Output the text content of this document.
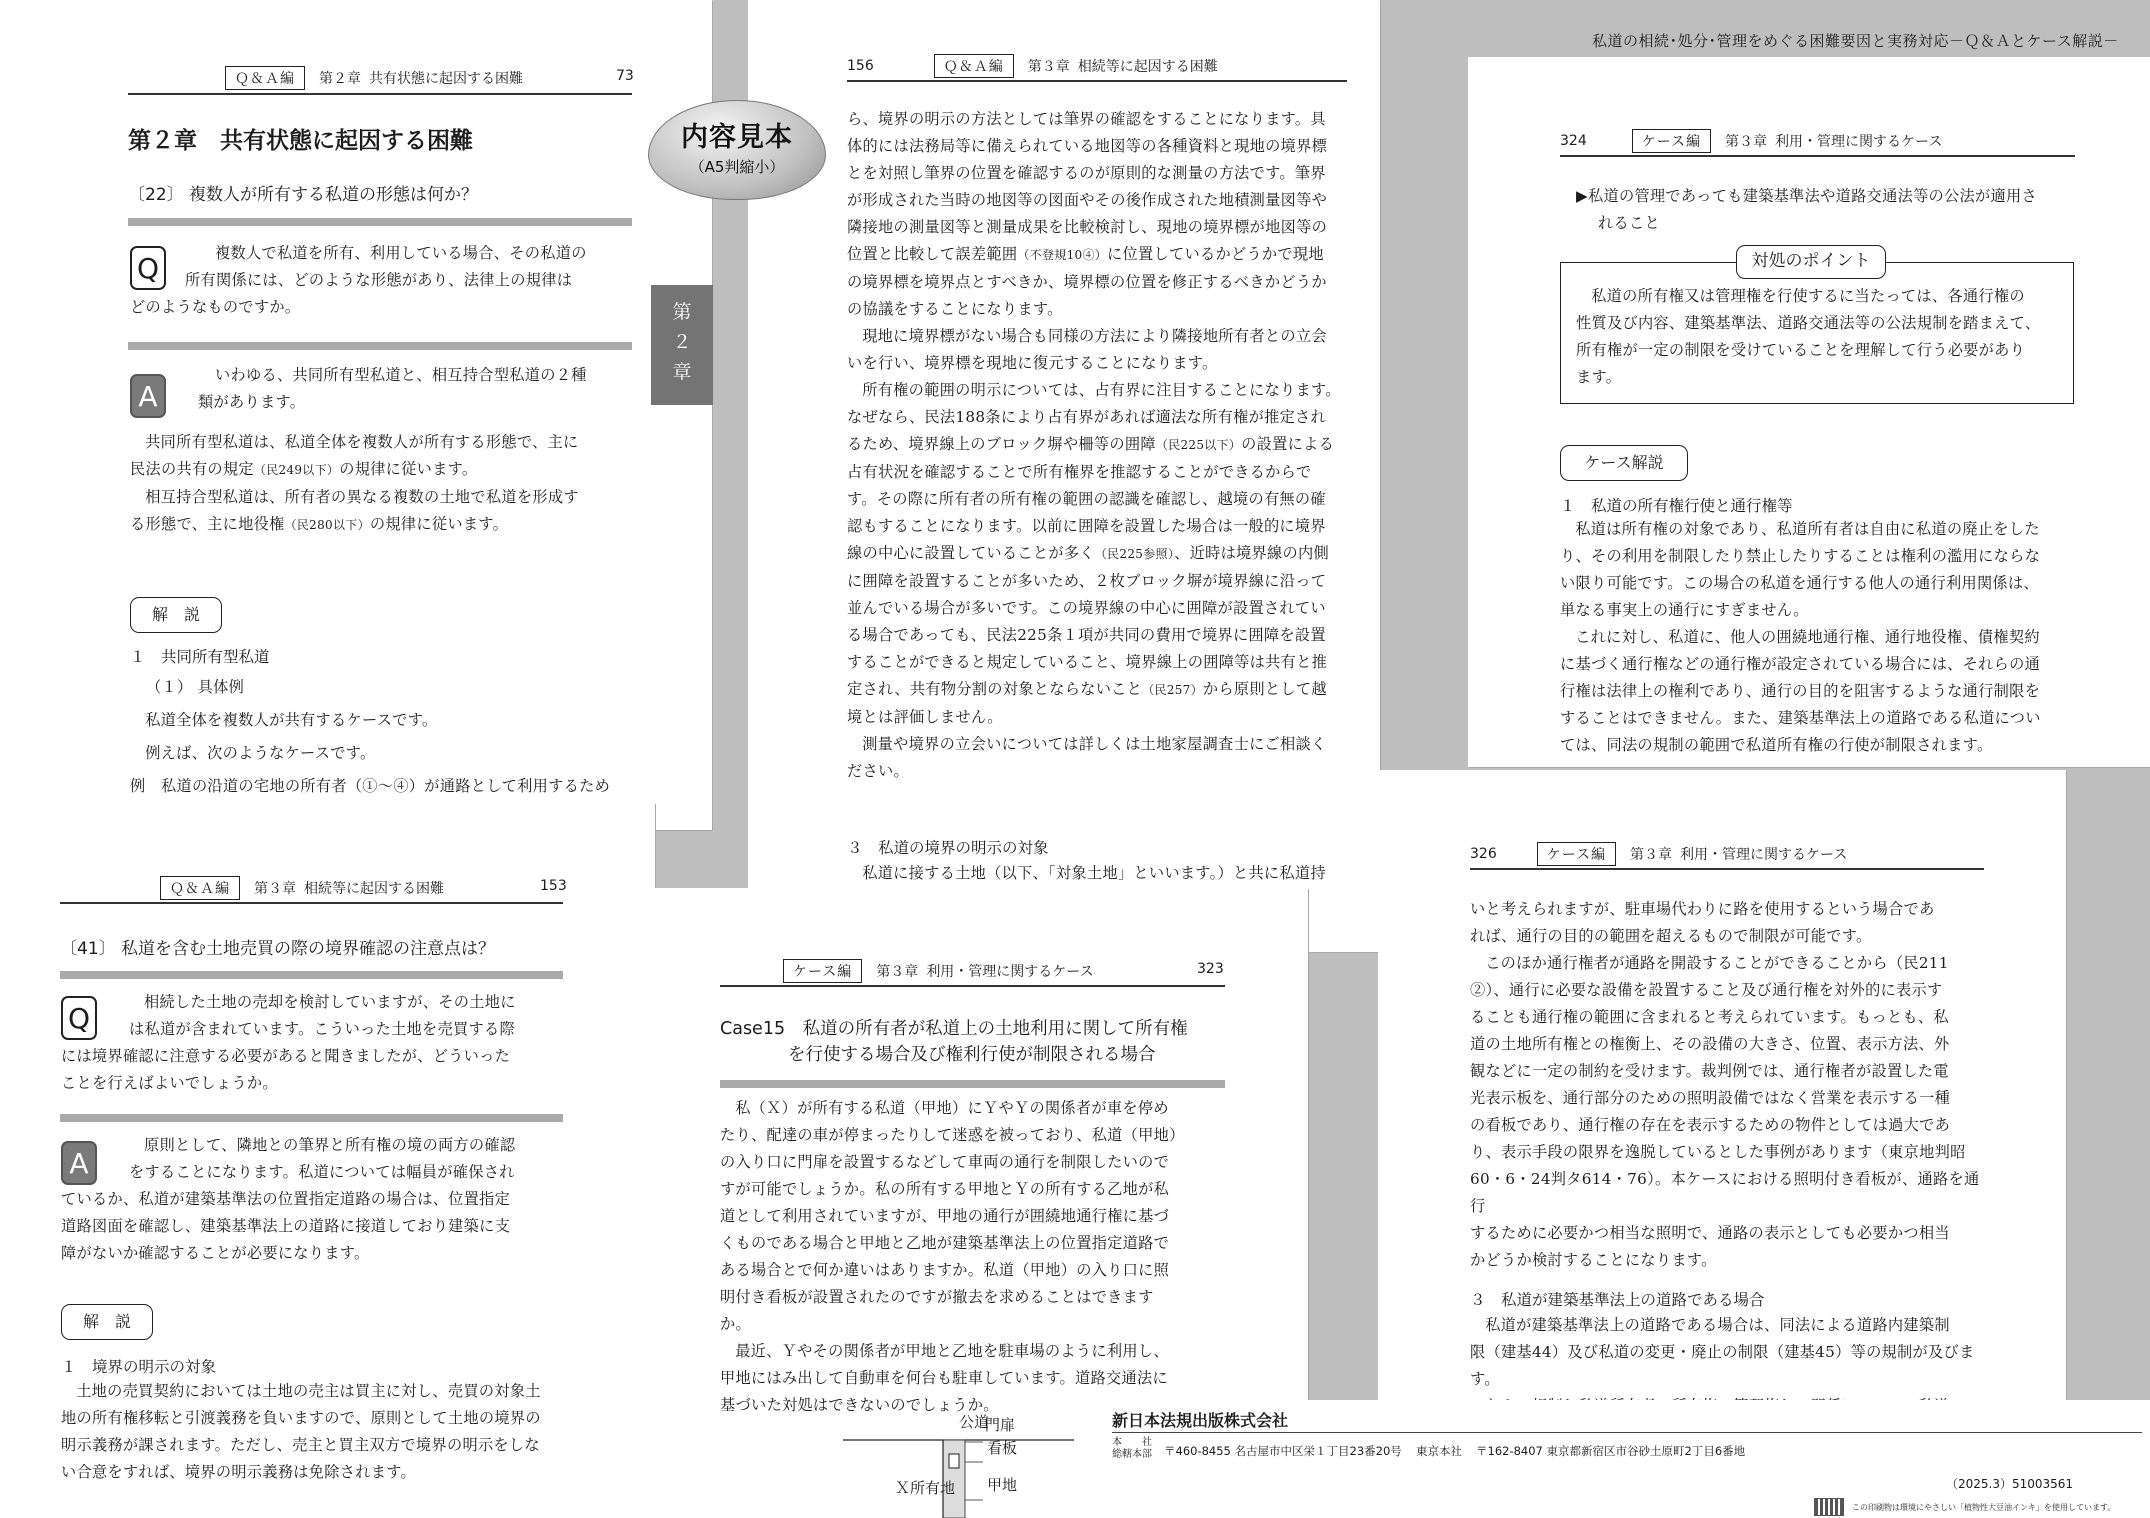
Ｑ＆Ａ編	第２章 共有状態に起因する困難	73
第２章　共有状態に起因する困難
〔22〕 複数人が所有する私道の形態は何か？
Q	複数人で私道を所有、利用している場合、その私道の

所有関係には、どのような形態があり、法律上の規律は

どのようなものですか。

A

いわゆる、共同所有型私道と、相互持合型私道の２種

類があります。

共同所有型私道は、私道全体を複数人が所有する形態で、主に

民法の共有の規定（民249以下）の規律に従います。

相互持合型私道は、所有者の異なる複数の土地で私道を形成す

る形態で、主に地役権（民280以下）の規律に従います。

解　説
１　共同所有型私道

（１） 具体例

私道全体を複数人が共有するケースです。

例えば、次のようなケースです。

例　私道の沿道の宅地の所有者（①～④）が通路として利用するため

第
２
章
156	Ｑ＆Ａ編	第３章 相続等に起因する困難

ら、境界の明示の方法としては筆界の確認をすることになります。具

体的には法務局等に備えられている地図等の各種資料と現地の境界標

とを対照し筆界の位置を確認するのが原則的な測量の方法です。筆界

が形成された当時の地図等の図面やその後作成された地積測量図等や

隣接地の測量図等と測量成果を比較検討し、現地の境界標が地図等の

位置と比較して誤差範囲（不登規10④）に位置しているかどうかで現地

の境界標を境界点とすべきか、境界標の位置を修正するべきかどうか

の協議をすることになります。

現地に境界標がない場合も同様の方法により隣接地所有者との立会

いを行い、境界標を現地に復元することになります。

所有権の範囲の明示については、占有界に注目することになります。

なぜなら、民法188条により占有界があれば適法な所有権が推定され

るため、境界線上のブロック塀や柵等の囲障（民225以下）の設置による

占有状況を確認することで所有権界を推認することができるからで

す。その際に所有者の所有権の範囲の認識を確認し、越境の有無の確

認もすることになります。以前に囲障を設置した場合は一般的に境界

線の中心に設置していることが多く（民225参照）、近時は境界線の内側

に囲障を設置することが多いため、２枚ブロック塀が境界線に沿って

並んでいる場合が多いです。この境界線の中心に囲障が設置されてい

る場合であっても、民法225条１項が共同の費用で境界に囲障を設置

することができると規定していること、境界線上の囲障等は共有と推

定され、共有物分割の対象とならないこと（民257）から原則として越

境とは評価しません。

測量や境界の立会いについては詳しくは土地家屋調査士にご相談く

ださい。

３　私道の境界の明示の対象

私道に接する土地（以下、「対象土地」といいます。）と共に私道持

私道の相続･処分･管理をめぐる困難要因と実務対応－Ｑ＆Ａとケース解説－
324	ケース編	第３章 利用・管理に関するケース

▶私道の管理であっても建築基準法や道路交通法等の公法が適用さ

れること

対処のポイント

私道の所有権又は管理権を行使するに当たっては、各通行権の

性質及び内容、建築基準法、道路交通法等の公法規制を踏まえて、

所有権が一定の制限を受けていることを理解して行う必要があり

ます。

ケース解説
１　私道の所有権行使と通行権等

私道は所有権の対象であり、私道所有者は自由に私道の廃止をした

り、その利用を制限したり禁止したりすることは権利の濫用にならな

い限り可能です。この場合の私道を通行する他人の通行利用関係は、

単なる事実上の通行にすぎません。

これに対し、私道に、他人の囲繞地通行権、通行地役権、債権契約

に基づく通行権などの通行権が設定されている場合には、それらの通

行権は法律上の権利であり、通行の目的を阻害するような通行制限を

することはできません。また、建築基準法上の道路である私道につい

ては、同法の規制の範囲で私道所有権の行使が制限されます。

Ｑ＆Ａ編	第３章 相続等に起因する困難	153
〔41〕 私道を含む土地売買の際の境界確認の注意点は？
Q	相続した土地の売却を検討していますが、その土地に

は私道が含まれています。こういった土地を売買する際

には境界確認に注意する必要があると聞きましたが、どういった

ことを行えばよいでしょうか。

A

原則として、隣地との筆界と所有権の境の両方の確認

をすることになります。私道については幅員が確保され

ているか、私道が建築基準法の位置指定道路の場合は、位置指定

道路図面を確認し、建築基準法上の道路に接道しており建築に支

障がないか確認することが必要になります。

解　説
１　境界の明示の対象

土地の売買契約においては土地の売主は買主に対し、売買の対象土

地の所有権移転と引渡義務を負いますので、原則として土地の境界の

明示義務が課されます。ただし、売主と買主双方で境界の明示をしな

い合意をすれば、境界の明示義務は免除されます。

ケース編	第３章 利用・管理に関するケース	323
Case15　私道の所有者が私道上の土地利用に関して所有権
を行使する場合及び権利行使が制限される場合

私（Ｘ）が所有する私道（甲地）にＹやＹの関係者が車を停め

たり、配達の車が停まったりして迷惑を被っており、私道（甲地）

の入り口に門扉を設置するなどして車両の通行を制限したいので

すが可能でしょうか。私の所有する甲地とＹの所有する乙地が私

道として利用されていますが、甲地の通行が囲繞地通行権に基づ

くものである場合と甲地と乙地が建築基準法上の位置指定道路で

ある場合とで何か違いはありますか。私道（甲地）の入り口に照

明付き看板が設置されたのですが撤去を求めることはできます

か。

最近、Ｙやその関係者が甲地と乙地を駐車場のように利用し、

甲地にはみ出して自動車を何台も駐車しています。道路交通法に

基づいた対処はできないのでしょうか。

公道
門扉
看板
Ｘ所有地 甲地
326	ケース編	第３章 利用・管理に関するケース

いと考えられますが、駐車場代わりに路を使用するという場合であ

れば、通行の目的の範囲を超えるもので制限が可能です。

このほか通行権者が通路を開設することができることから（民211

②）、通行に必要な設備を設置すること及び通行権を対外的に表示す

ることも通行権の範囲に含まれると考えられています。もっとも、私

道の土地所有権との権衡上、その設備の大きさ、位置、表示方法、外

観などに一定の制約を受けます。裁判例では、通行権者が設置した電

光表示板を、通行部分のための照明設備ではなく営業を表示する一種

の看板であり、通行権の存在を表示するための物件としては過大であ

り、表示手段の限界を逸脱しているとした事例があります（東京地判昭

60・6・24判タ614・76）。本ケースにおける照明付き看板が、通路を通行

するために必要かつ相当な照明で、通路の表示としても必要かつ相当

かどうか検討することになります。

３　私道が建築基準法上の道路である場合

私道が建築基準法上の道路である場合は、同法による道路内建築制

限（建基44）及び私道の変更・廃止の制限（建基45）等の規制が及びます。

新日本法規出版株式会社
本　　社
総轄本部 〒460-8455 名古屋市中区栄１丁目23番20号 東京本社 〒162-8407 東京都新宿区市谷砂土原町2丁目6番地
（2025.3）51003561
この印刷物は環境にやさしい「植物性大豆油インキ」を使用しています。
内容見本
（A5判縮小）
